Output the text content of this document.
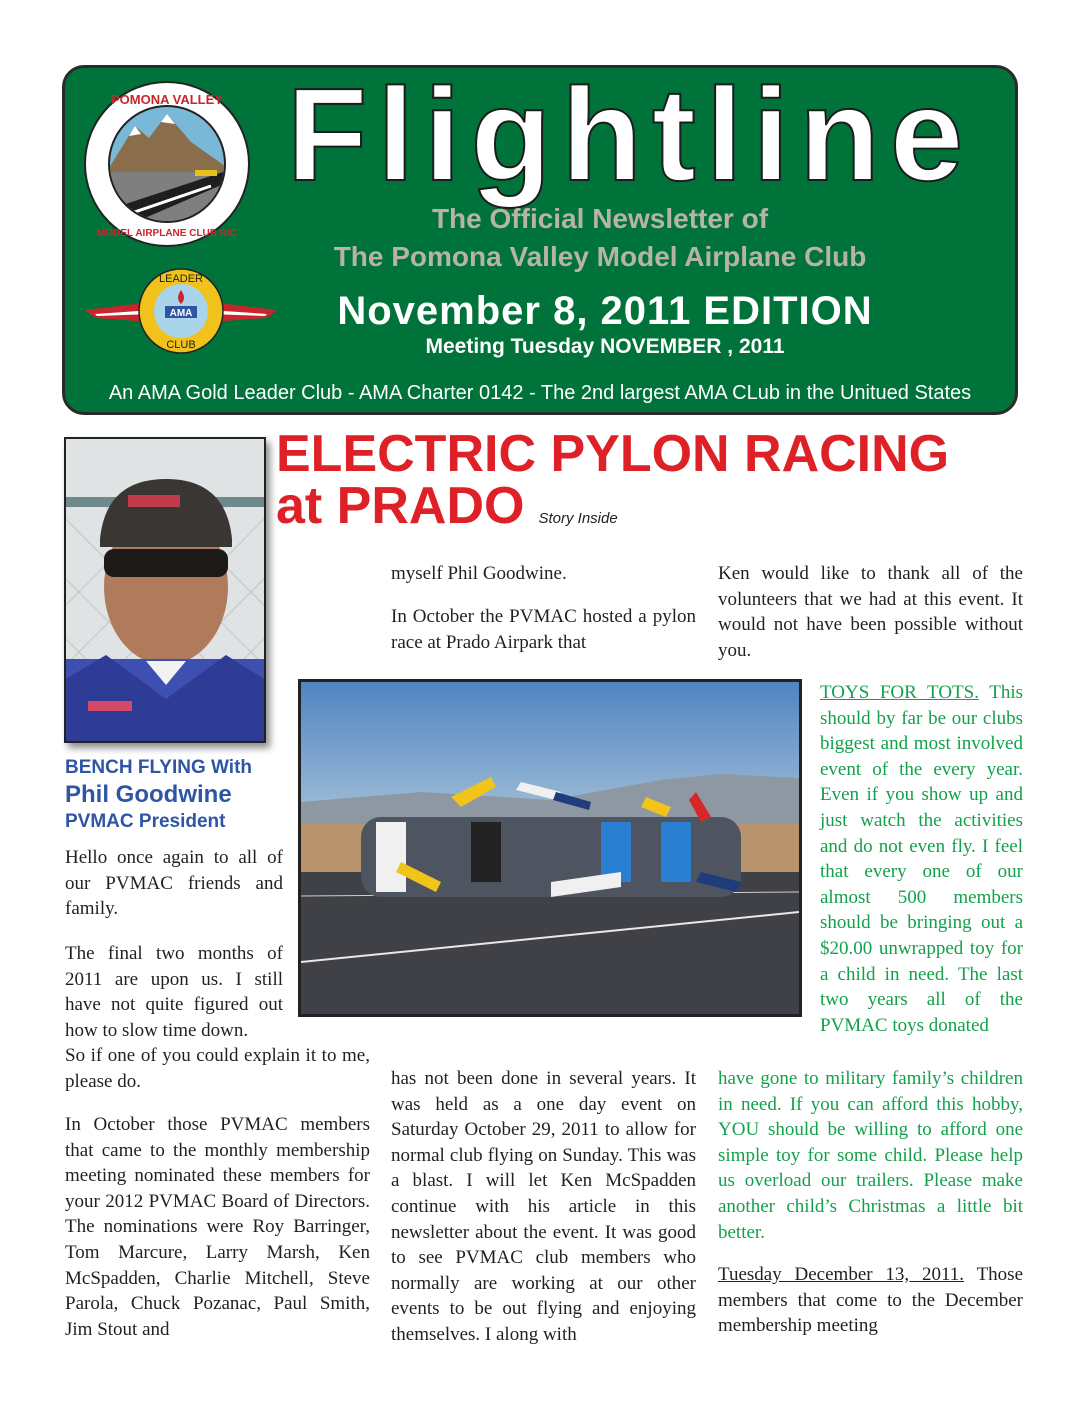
POMONA VALLEY
MODEL AIRPLANE CLUB R/C
AMA
LEADER
CLUB
Flightline
The Official Newsletter of
The Pomona Valley Model Airplane Club
November 8, 2011 EDITION
Meeting Tuesday NOVEMBER , 2011
An AMA Gold Leader Club - AMA Charter 0142 - The 2nd largest AMA CLub in the Unitued States
ELECTRIC PYLON RACING
at PRADO Story Inside
BENCH FLYING With
Phil Goodwine
PVMAC President

Hello once again to all of our PVMAC friends and family.

The final two months of 2011 are upon us. I still have not quite figured out how to slow time down.

So if one of you could explain it to me, please do.

In October those PVMAC members that came to the monthly membership meeting nominated these members for your 2012 PVMAC Board of Directors. The nominations were Roy Barringer, Tom Marcure, Larry Marsh, Ken McSpadden, Charlie Mitchell, Steve Parola, Chuck Pozanac, Paul Smith, Jim Stout and

myself Phil Goodwine.

In October the PVMAC hosted a pylon race at Prado Airpark that

has not been done in several years. It was held as a one day event on Saturday October 29, 2011 to allow for normal club flying on Sunday. This was a blast. I will let Ken McSpadden continue with his article in this newsletter about the event. It was good to see PVMAC club members who normally are working at our other events to be out flying and enjoying themselves. I along with

Ken would like to thank all of the volunteers that we had at this event. It would not have been possible without you.

TOYS FOR TOTS. This should by far be our clubs biggest and most involved event of the every year. Even if you show up and just watch the activities and do not even fly. I feel that every one of our almost 500 members should be bringing out a $20.00 unwrapped toy for a child in need. The last two years all of the PVMAC toys donated

have gone to military family’s children in need. If you can afford this hobby, YOU should be willing to afford one simple toy for some child. Please help us overload our trailers. Please make another child’s Christmas a little bit better.

Tuesday December 13, 2011. Those members that come to the December membership meeting
